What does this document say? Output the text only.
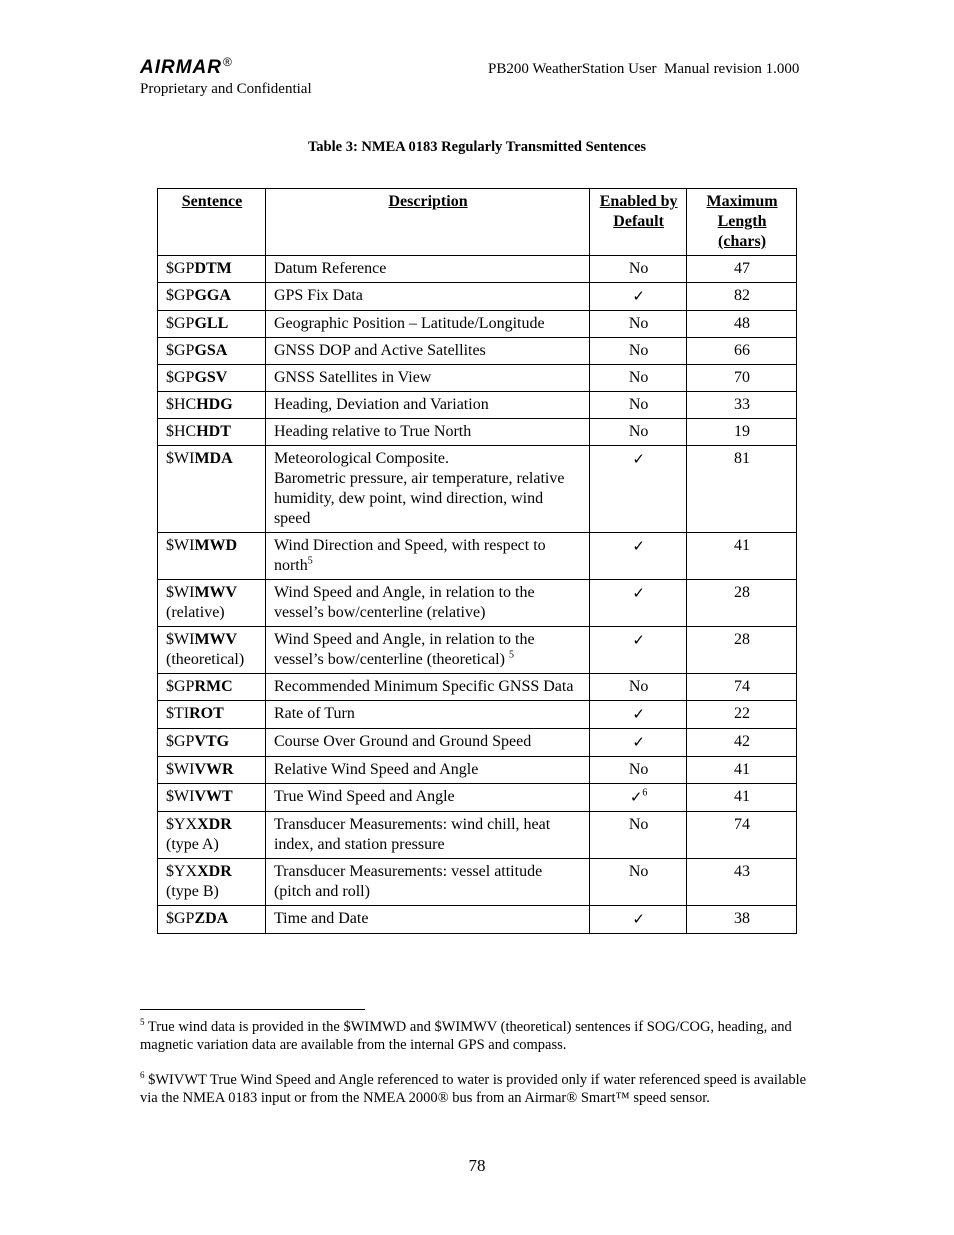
AIRMAR®
Proprietary and Confidential
PB200 WeatherStation User  Manual revision 1.000
Table 3: NMEA 0183 Regularly Transmitted Sentences
Sentence	Description	Enabled by Default	Maximum Length (chars)
$GPDTM	Datum Reference	No	47
$GPGGA	GPS Fix Data	✓	82
$GPGLL	Geographic Position – Latitude/Longitude	No	48
$GPGSA	GNSS DOP and Active Satellites	No	66
$GPGSV	GNSS Satellites in View	No	70
$HCHDG	Heading, Deviation and Variation	No	33
$HCHDT	Heading relative to True North	No	19
$WIMDA	Meteorological Composite.
Barometric pressure, air temperature, relative humidity, dew point, wind direction, wind speed	✓	81
$WIMWD	Wind Direction and Speed, with respect to north$^5$	✓	41
$WIMWV
(relative)	Wind Speed and Angle, in relation to the vessel’s bow/centerline (relative)	✓	28
$WIMWV
(theoretical)	Wind Speed and Angle, in relation to the vessel’s bow/centerline (theoretical) $^5$	✓	28
$GPRMC	Recommended Minimum Specific GNSS Data	No	74
$TIROT	Rate of Turn	✓	22
$GPVTG	Course Over Ground and Ground Speed	✓	42
$WIVWR	Relative Wind Speed and Angle	No	41
$WIVWT	True Wind Speed and Angle	✓$^6$	41
$YXXDR
(type A)	Transducer Measurements: wind chill, heat index, and station pressure	No	74
$YXXDR
(type B)	Transducer Measurements: vessel attitude (pitch and roll)	No	43
$GPZDA	Time and Date	✓	38
$^5$ True wind data is provided in the $WIMWD and $WIMWV (theoretical) sentences if SOG/COG, heading, and magnetic variation data are available from the internal GPS and compass.
$^6$ $WIVWT True Wind Speed and Angle referenced to water is provided only if water referenced speed is available via the NMEA 0183 input or from the NMEA 2000® bus from an Airmar® Smart™ speed sensor.
78
